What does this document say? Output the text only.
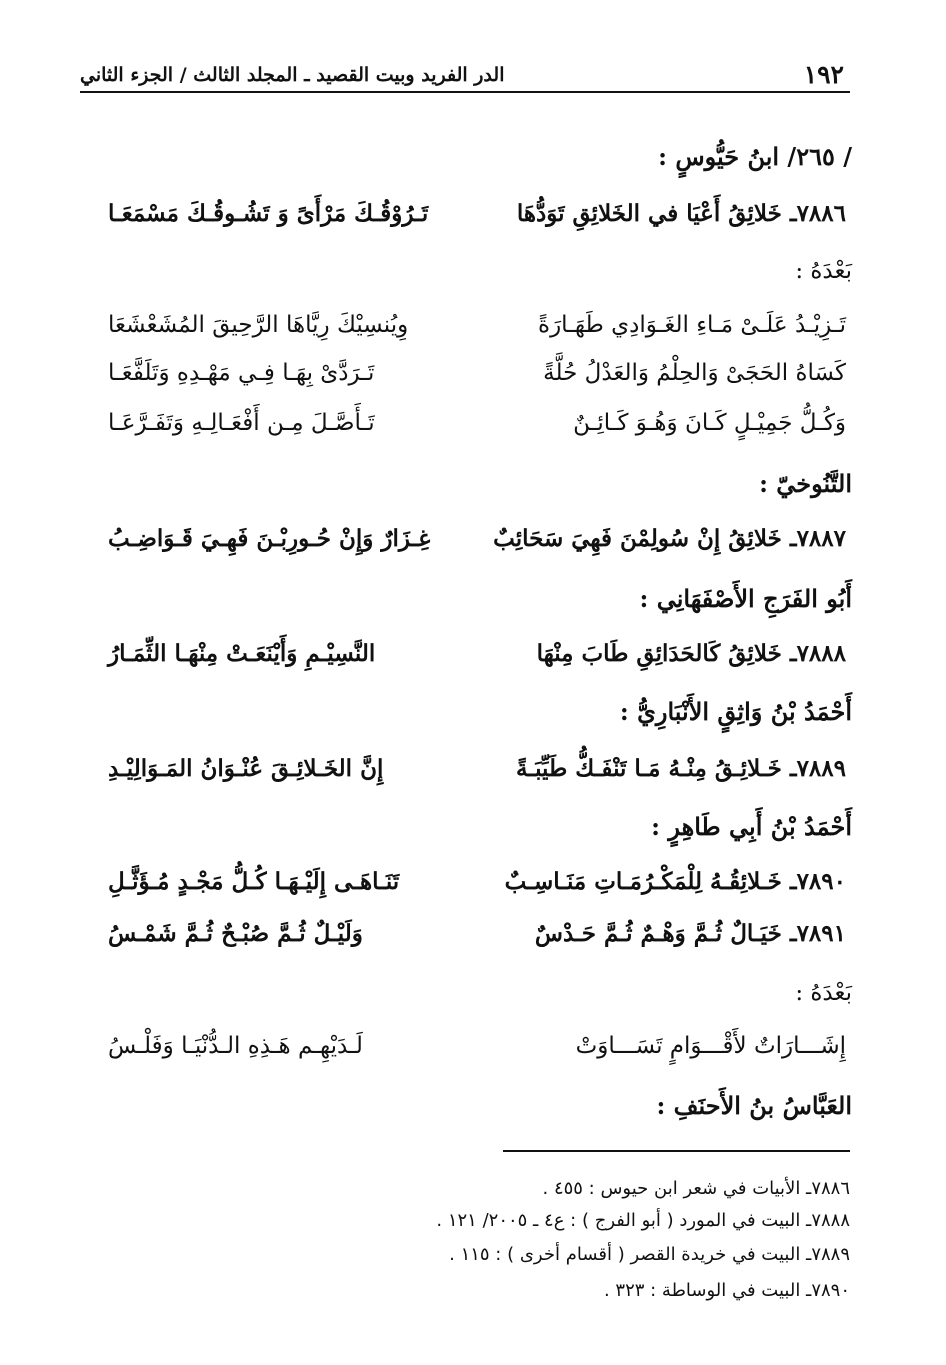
١٩٢
الدر الفريد وبيت القصيد ـ المجلد الثالث / الجزء الثاني
/ ٢٦٥/ ابنُ حَيُّوسٍ :
٧٨٨٦ـ خَلائِقُ أَعْيَا في الخَلائِقِ تَوَدُّهَا
تَـرُوْقُـكَ مَرْأَىً وَ تَشُـوقُـكَ مَسْمَعَـا
بَعْدَهُ :
تَـزِيْـدُ عَلَـىْ مَـاءِ الغَـوَادِي طَهَـارَةً
وِيُنسِيْكَ رِيَّاهَا الرَّحِيقَ المُشَعْشَعَا
كَسَاهُ الحَجَىْ وَالحِلْمُ وَالعَدْلُ حُلَّةً
تَـرَدَّىْ بِهَـا فِـي مَهْـدِهِ وَتَلَفَّعَـا
وَكُـلُّ جَمِيْـلٍ كَـانَ وَهُـوَ كَـائِـنٌ
تَـأَصَّـلَ مِـن أَفْعَـالِـهِ وَتَفَـرَّعَـا
التَّنُوخيّ :
٧٨٨٧ـ خَلائِقُ إِنْ سُولِمْنَ فَهِيَ سَحَائِبٌ
غِـزَارٌ وَإِنْ حُـورِبْـنَ فَهِـيَ قَـوَاضِـبُ
أَبُو الفَرَجِ الأَصْفَهَانِي :
٧٨٨٨ـ خَلائِقُ كَالحَدَائِقِ طَابَ مِنْهَا
النَّسِيْـمِ وَأَيْنَعَـتْ مِنْهَـا الثِّمَـارُ
أَحْمَدُ بْنُ وَاثِقٍ الأَنْبَارِيُّ :
٧٨٨٩ـ خَـلائِـقُ مِنْـهُ مَـا تَنْفَـكُّ طَيِّبَـةً
إِنَّ الخَـلائِـقَ عُنْـوَانُ المَـوَالِيْـدِ
أَحْمَدُ بْنُ أَبِي طَاهِرٍ :
٧٨٩٠ـ خَـلائِقُـهُ لِلْمَكْـرُمَـاتِ مَنَـاسِـبٌ
تَنَـاهَـى إِلَيْـهَـا كُـلُّ مَجْـدٍ مُـؤَثَّـلِ
٧٨٩١ـ خَيَـالٌ ثُـمَّ وَهْـمٌ ثُـمَّ حَـدْسٌ
وَلَيْـلٌ ثُـمَّ صُبْـحٌ ثُـمَّ شَمْـسُ
بَعْدَهُ :
إِشَـــارَاتٌ لأَقْـــوَامٍ تَسَـــاوَتْ
لَـدَيْهِـم هَـذِهِ الـدُّنْيَـا وَفَلْـسُ
العَبَّاسُ بنُ الأَحنَفِ :
٧٨٨٦ـ الأبيات في شعر ابن حيوس : ٤٥٥ .
٧٨٨٨ـ البيت في المورد ( أبو الفرج ) : ع٤ ـ ٢٠٠٥/ ١٢١ .
٧٨٨٩ـ البيت في خريدة القصر ( أقسام أخرى ) : ١١٥ .
٧٨٩٠ـ البيت في الوساطة : ٣٢٣ .
